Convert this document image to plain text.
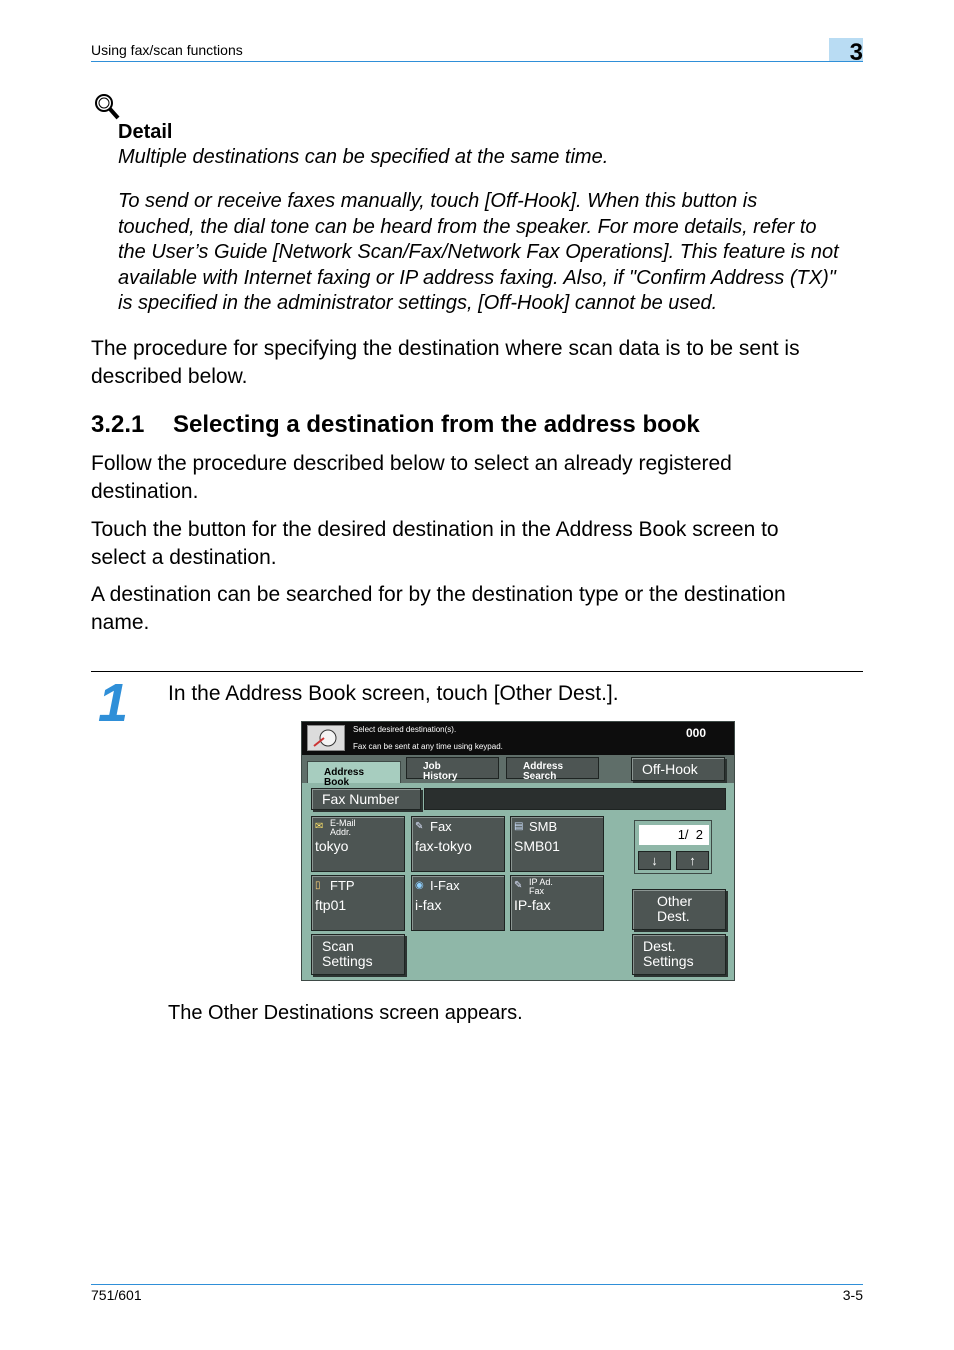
Using fax/scan functions	3
Detail
Multiple destinations can be specified at the same time.
To send or receive faxes manually, touch [Off-Hook]. When this button is
touched, the dial tone can be heard from the speaker. For more details, refer to
the User’s Guide [Network Scan/Fax/Network Fax Operations]. This feature is not
available with Internet faxing or IP address faxing. Also, if "Confirm Address (TX)"
is specified in the administrator settings, [Off-Hook] cannot be used.
The procedure for specifying the destination where scan data is to be sent is
described below.
3.2.1 Selecting a destination from the address book
Follow the procedure described below to select an already registered
destination.
Touch the button for the desired destination in the Address Book screen to
select a destination.
A destination can be searched for by the destination type or the destination
name.
1 In the Address Book screen, touch [Other Dest.].
Select desired destination(s).
Fax can be sent at any time using keypad.
000
Address
Book
Job
History
Address
Search	Off-Hook
Fax Number
✉ E-Mail
Addr.
tokyo
✎ Fax
fax-tokyo
▤ SMB
SMB01
▯ FTP
ftp01
◉ I-Fax
i-fax
✎ IP Ad.
Fax
IP-fax
1/ 2
↓	↑
Other
Dest.
Scan
Settings
Dest.
Settings
The Other Destinations screen appears.
751/601	3-5
